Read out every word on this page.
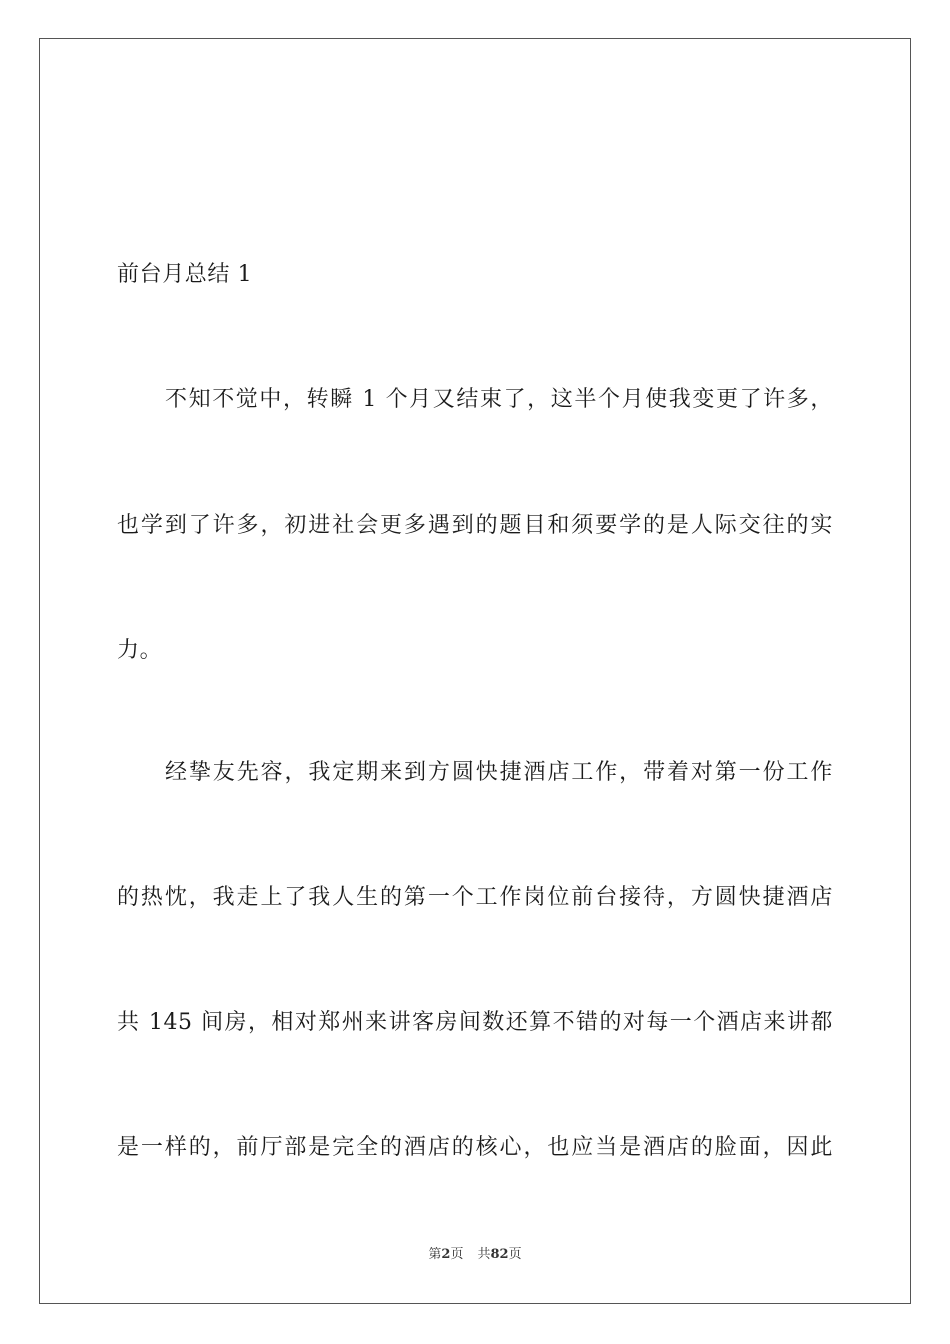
前台月总结 1
不知不觉中，转瞬 1 个月又结束了，这半个月使我变更了许多，
也学到了许多，初进社会更多遇到的题目和须要学的是人际交往的实
力。
经挚友先容，我定期来到方圆快捷酒店工作，带着对第一份工作
的热忱，我走上了我人生的第一个工作岗位前台接待，方圆快捷酒店
共 145 间房，相对郑州来讲客房间数还算不错的对每一个酒店来讲都
是一样的，前厅部是完全的酒店的核心，也应当是酒店的脸面，因此
第2页 共82页
